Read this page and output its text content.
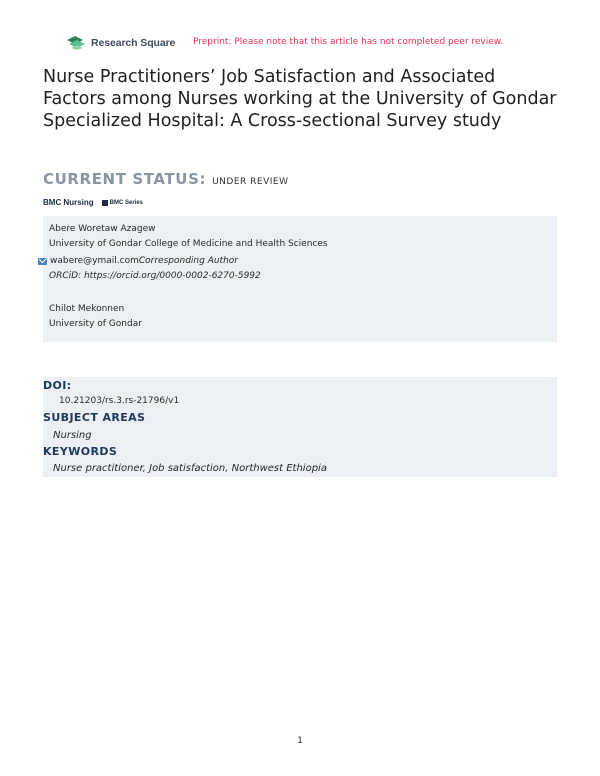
Research Square Preprint: Please note that this article has not completed peer review.
Nurse Practitioners’ Job Satisfaction and Associated Factors among Nurses working at the University of Gondar Specialized Hospital: A Cross-sectional Survey study
CURRENT STATUS: UNDER REVIEW
BMC Nursing	BMC Series
Abere Woretaw Azagew
University of Gondar College of Medicine and Health Sciences
wabere@ymail.com Corresponding Author
ORCiD: https://orcid.org/0000-0002-6270-5992
Chilot Mekonnen
University of Gondar
DOI:
10.21203/rs.3.rs-21796/v1
SUBJECT AREAS
Nursing
KEYWORDS
Nurse practitioner, Job satisfaction, Northwest Ethiopia
1
